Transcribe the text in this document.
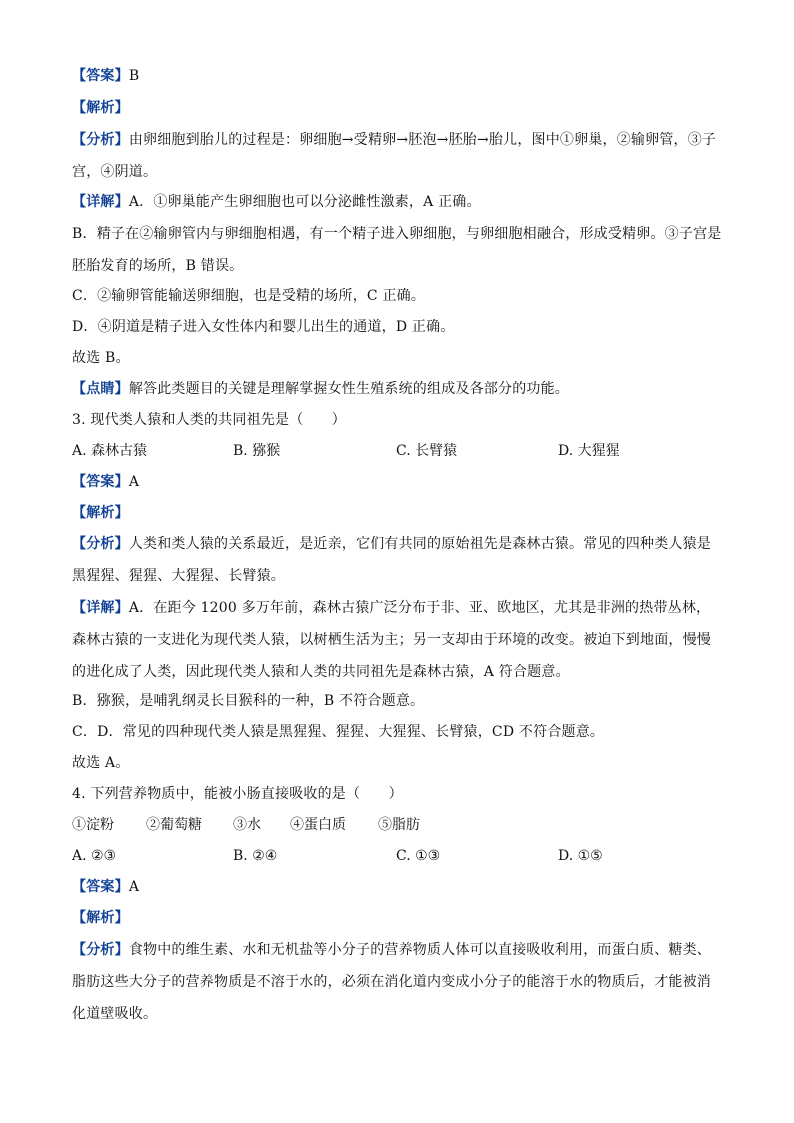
【答案】B
【解析】
【分析】由卵细胞到胎儿的过程是：卵细胞→受精卵→胚泡→胚胎→胎儿，图中①卵巢，②输卵管，③子宫，④阴道。
【详解】A．①卵巢能产生卵细胞也可以分泌雌性激素，A 正确。
B．精子在②输卵管内与卵细胞相遇，有一个精子进入卵细胞，与卵细胞相融合，形成受精卵。③子宫是胚胎发育的场所，B 错误。
C．②输卵管能输送卵细胞，也是受精的场所，C 正确。
D．④阴道是精子进入女性体内和婴儿出生的通道，D 正确。
故选 B。
【点睛】解答此类题目的关键是理解掌握女性生殖系统的组成及各部分的功能。
3. 现代类人猿和人类的共同祖先是（　　）
A. 森林古猿	B. 猕猴	C. 长臂猿	D. 大猩猩
【答案】A
【解析】
【分析】人类和类人猿的关系最近，是近亲，它们有共同的原始祖先是森林古猿。常见的四种类人猿是黑猩猩、猩猩、大猩猩、长臂猿。
【详解】A．在距今 1200 多万年前，森林古猿广泛分布于非、亚、欧地区，尤其是非洲的热带丛林，森林古猿的一支进化为现代类人猿，以树栖生活为主；另一支却由于环境的改变。被迫下到地面，慢慢的进化成了人类，因此现代类人猿和人类的共同祖先是森林古猿，A 符合题意。
B．猕猴，是哺乳纲灵长目猴科的一种，B 不符合题意。
C．D．常见的四种现代类人猿是黑猩猩、猩猩、大猩猩、长臂猿，CD 不符合题意。
故选 A。
4. 下列营养物质中，能被小肠直接吸收的是（　　）
①淀粉 ②葡萄糖 ③水 ④蛋白质 ⑤脂肪
A. ②③	B. ②④	C. ①③	D. ①⑤
【答案】A
【解析】
【分析】食物中的维生素、水和无机盐等小分子的营养物质人体可以直接吸收利用，而蛋白质、糖类、脂肪这些大分子的营养物质是不溶于水的，必须在消化道内变成小分子的能溶于水的物质后，才能被消化道壁吸收。
